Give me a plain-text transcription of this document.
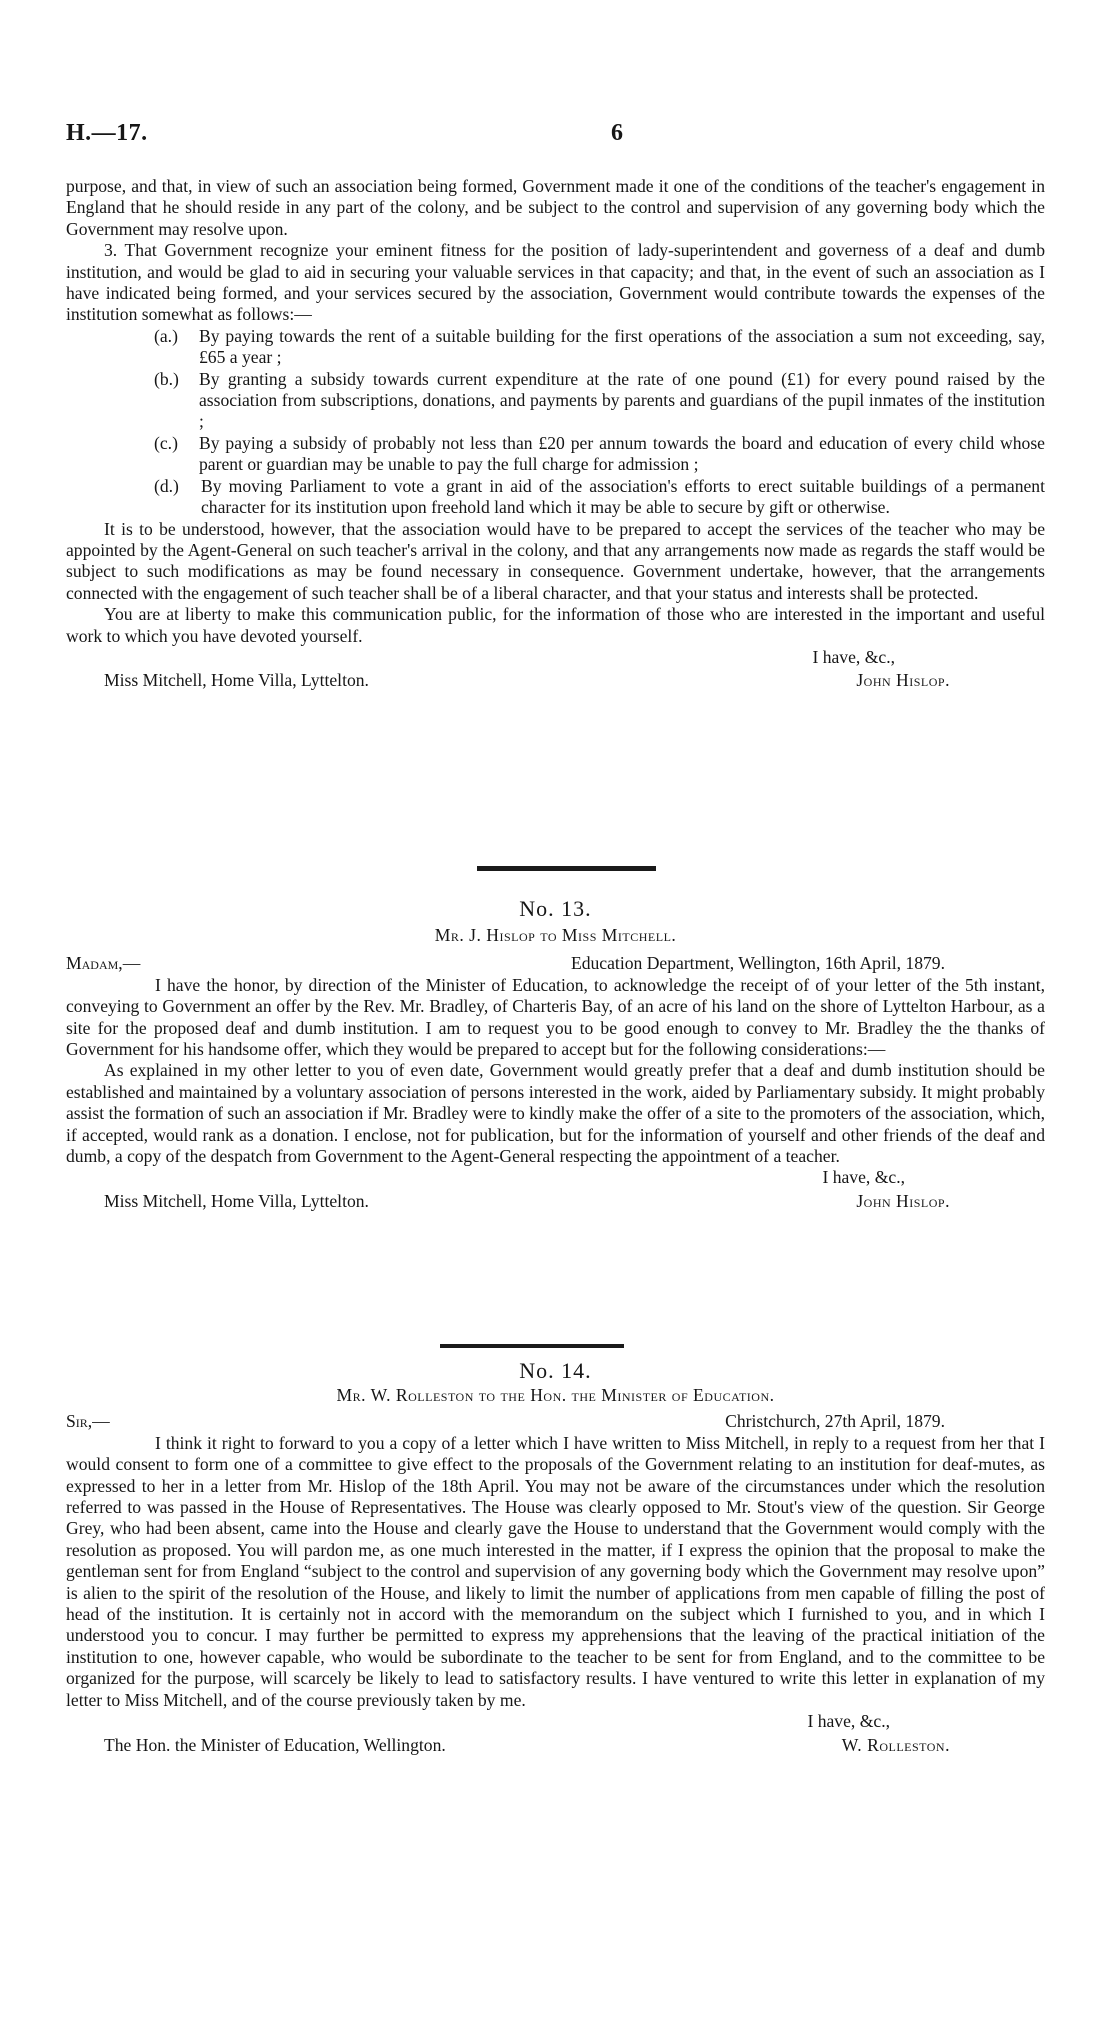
H.—17.	6

purpose, and that, in view of such an association being formed, Government made it one of the conditions of the teacher's engagement in England that he should reside in any part of the colony, and be subject to the control and supervision of any governing body which the Government may resolve upon.

3. That Government recognize your eminent fitness for the position of lady-superintendent and governess of a deaf and dumb institution, and would be glad to aid in securing your valuable services in that capacity; and that, in the event of such an association as I have indicated being formed, and your services secured by the association, Government would contribute towards the expenses of the institution somewhat as follows:—

(a.) By paying towards the rent of a suitable building for the first operations of the association a sum not exceeding, say, £65 a year ;

(b.) By granting a subsidy towards current expenditure at the rate of one pound (£1) for every pound raised by the association from subscriptions, donations, and payments by parents and guardians of the pupil inmates of the institution ;

(c.) By paying a subsidy of probably not less than £20 per annum towards the board and education of every child whose parent or guardian may be unable to pay the full charge for admission ;

(d.) By moving Parliament to vote a grant in aid of the association's efforts to erect suitable buildings of a permanent character for its institution upon freehold land which it may be able to secure by gift or otherwise.

It is to be understood, however, that the association would have to be prepared to accept the services of the teacher who may be appointed by the Agent-General on such teacher's arrival in the colony, and that any arrangements now made as regards the staff would be subject to such modifications as may be found necessary in consequence. Government undertake, however, that the arrangements connected with the engagement of such teacher shall be of a liberal character, and that your status and interests shall be protected.

You are at liberty to make this communication public, for the information of those who are interested in the important and useful work to which you have devoted yourself.

I have, &c.,

Miss Mitchell, Home Villa, Lyttelton.	John Hislop.

No. 13.

Mr. J. Hislop to Miss Mitchell.

Madam,—	Education Department, Wellington, 16th April, 1879.

I have the honor, by direction of the Minister of Education, to acknowledge the receipt of of your letter of the 5th instant, conveying to Government an offer by the Rev. Mr. Bradley, of Charteris Bay, of an acre of his land on the shore of Lyttelton Harbour, as a site for the proposed deaf and dumb institution. I am to request you to be good enough to convey to Mr. Bradley the the thanks of Government for his handsome offer, which they would be prepared to accept but for the following considerations:—

As explained in my other letter to you of even date, Government would greatly prefer that a deaf and dumb institution should be established and maintained by a voluntary association of persons interested in the work, aided by Parliamentary subsidy. It might probably assist the formation of such an association if Mr. Bradley were to kindly make the offer of a site to the promoters of the association, which, if accepted, would rank as a donation. I enclose, not for publication, but for the information of yourself and other friends of the deaf and dumb, a copy of the despatch from Government to the Agent-General respecting the appointment of a teacher.

I have, &c.,

Miss Mitchell, Home Villa, Lyttelton.	John Hislop.

No. 14.

Mr. W. Rolleston to the Hon. the Minister of Education.

Sir,—	Christchurch, 27th April, 1879.

I think it right to forward to you a copy of a letter which I have written to Miss Mitchell, in reply to a request from her that I would consent to form one of a committee to give effect to the proposals of the Government relating to an institution for deaf-mutes, as expressed to her in a letter from Mr. Hislop of the 18th April. You may not be aware of the circumstances under which the resolution referred to was passed in the House of Representatives. The House was clearly opposed to Mr. Stout's view of the question. Sir George Grey, who had been absent, came into the House and clearly gave the House to understand that the Government would comply with the resolution as proposed. You will pardon me, as one much interested in the matter, if I express the opinion that the proposal to make the gentleman sent for from England “subject to the control and supervision of any governing body which the Government may resolve upon” is alien to the spirit of the resolution of the House, and likely to limit the number of applications from men capable of filling the post of head of the institution. It is certainly not in accord with the memorandum on the subject which I furnished to you, and in which I understood you to concur. I may further be permitted to express my apprehensions that the leaving of the practical initiation of the institution to one, however capable, who would be subordinate to the teacher to be sent for from England, and to the committee to be organized for the purpose, will scarcely be likely to lead to satisfactory results. I have ventured to write this letter in explanation of my letter to Miss Mitchell, and of the course previously taken by me.

I have, &c.,

The Hon. the Minister of Education, Wellington.	W. Rolleston.
